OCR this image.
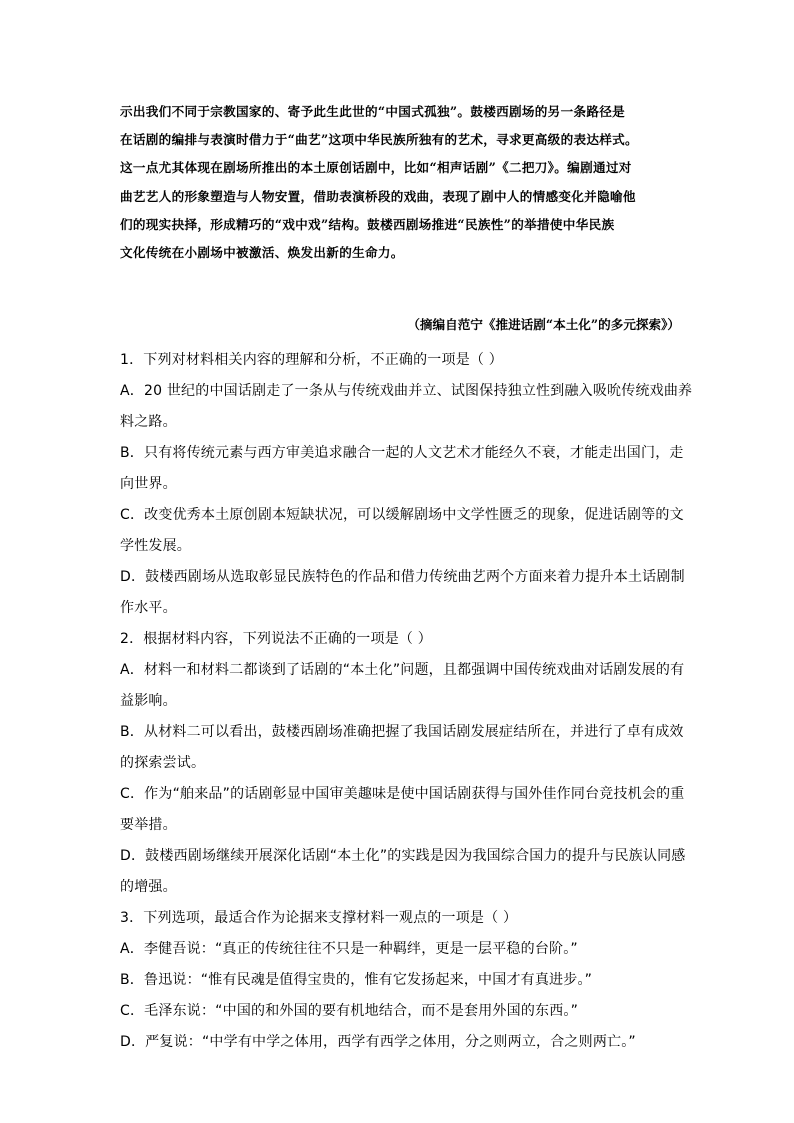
示出我们不同于宗教国家的、寄予此生此世的“中国式孤独”。鼓楼西剧场的另一条路径是

在话剧的编排与表演时借力于“曲艺”这项中华民族所独有的艺术，寻求更高级的表达样式。

这一点尤其体现在剧场所推出的本土原创话剧中，比如“相声话剧”《二把刀》。编剧通过对

曲艺艺人的形象塑造与人物安置，借助表演桥段的戏曲，表现了剧中人的情感变化并隐喻他

们的现实抉择，形成精巧的“戏中戏”结构。鼓楼西剧场推进“民族性”的举措使中华民族

文化传统在小剧场中被激活、焕发出新的生命力。

（摘编自范宁《推进话剧“本土化”的多元探索》）
1．下列对材料相关内容的理解和分析，不正确的一项是（ ）
A．20 世纪的中国话剧走了一条从与传统戏曲并立、试图保持独立性到融入吸吮传统戏曲养
料之路。
B．只有将传统元素与西方审美追求融合一起的人文艺术才能经久不衰，才能走出国门，走
向世界。
C．改变优秀本土原创剧本短缺状况，可以缓解剧场中文学性匮乏的现象，促进话剧等的文
学性发展。
D．鼓楼西剧场从选取彰显民族特色的作品和借力传统曲艺两个方面来着力提升本土话剧制
作水平。
2．根据材料内容，下列说法不正确的一项是（ ）
A．材料一和材料二都谈到了话剧的“本土化”问题，且都强调中国传统戏曲对话剧发展的有
益影响。
B．从材料二可以看出，鼓楼西剧场准确把握了我国话剧发展症结所在，并进行了卓有成效
的探索尝试。
C．作为“舶来品”的话剧彰显中国审美趣味是使中国话剧获得与国外佳作同台竞技机会的重
要举措。
D．鼓楼西剧场继续开展深化话剧“本土化”的实践是因为我国综合国力的提升与民族认同感
的增强。
3．下列选项，最适合作为论据来支撑材料一观点的一项是（ ）
A．李健吾说：“真正的传统往往不只是一种羁绊，更是一层平稳的台阶。”
B．鲁迅说：“惟有民魂是值得宝贵的，惟有它发扬起来，中国才有真进步。”
C．毛泽东说：“中国的和外国的要有机地结合，而不是套用外国的东西。”
D．严复说：“中学有中学之体用，西学有西学之体用，分之则两立，合之则两亡。”
